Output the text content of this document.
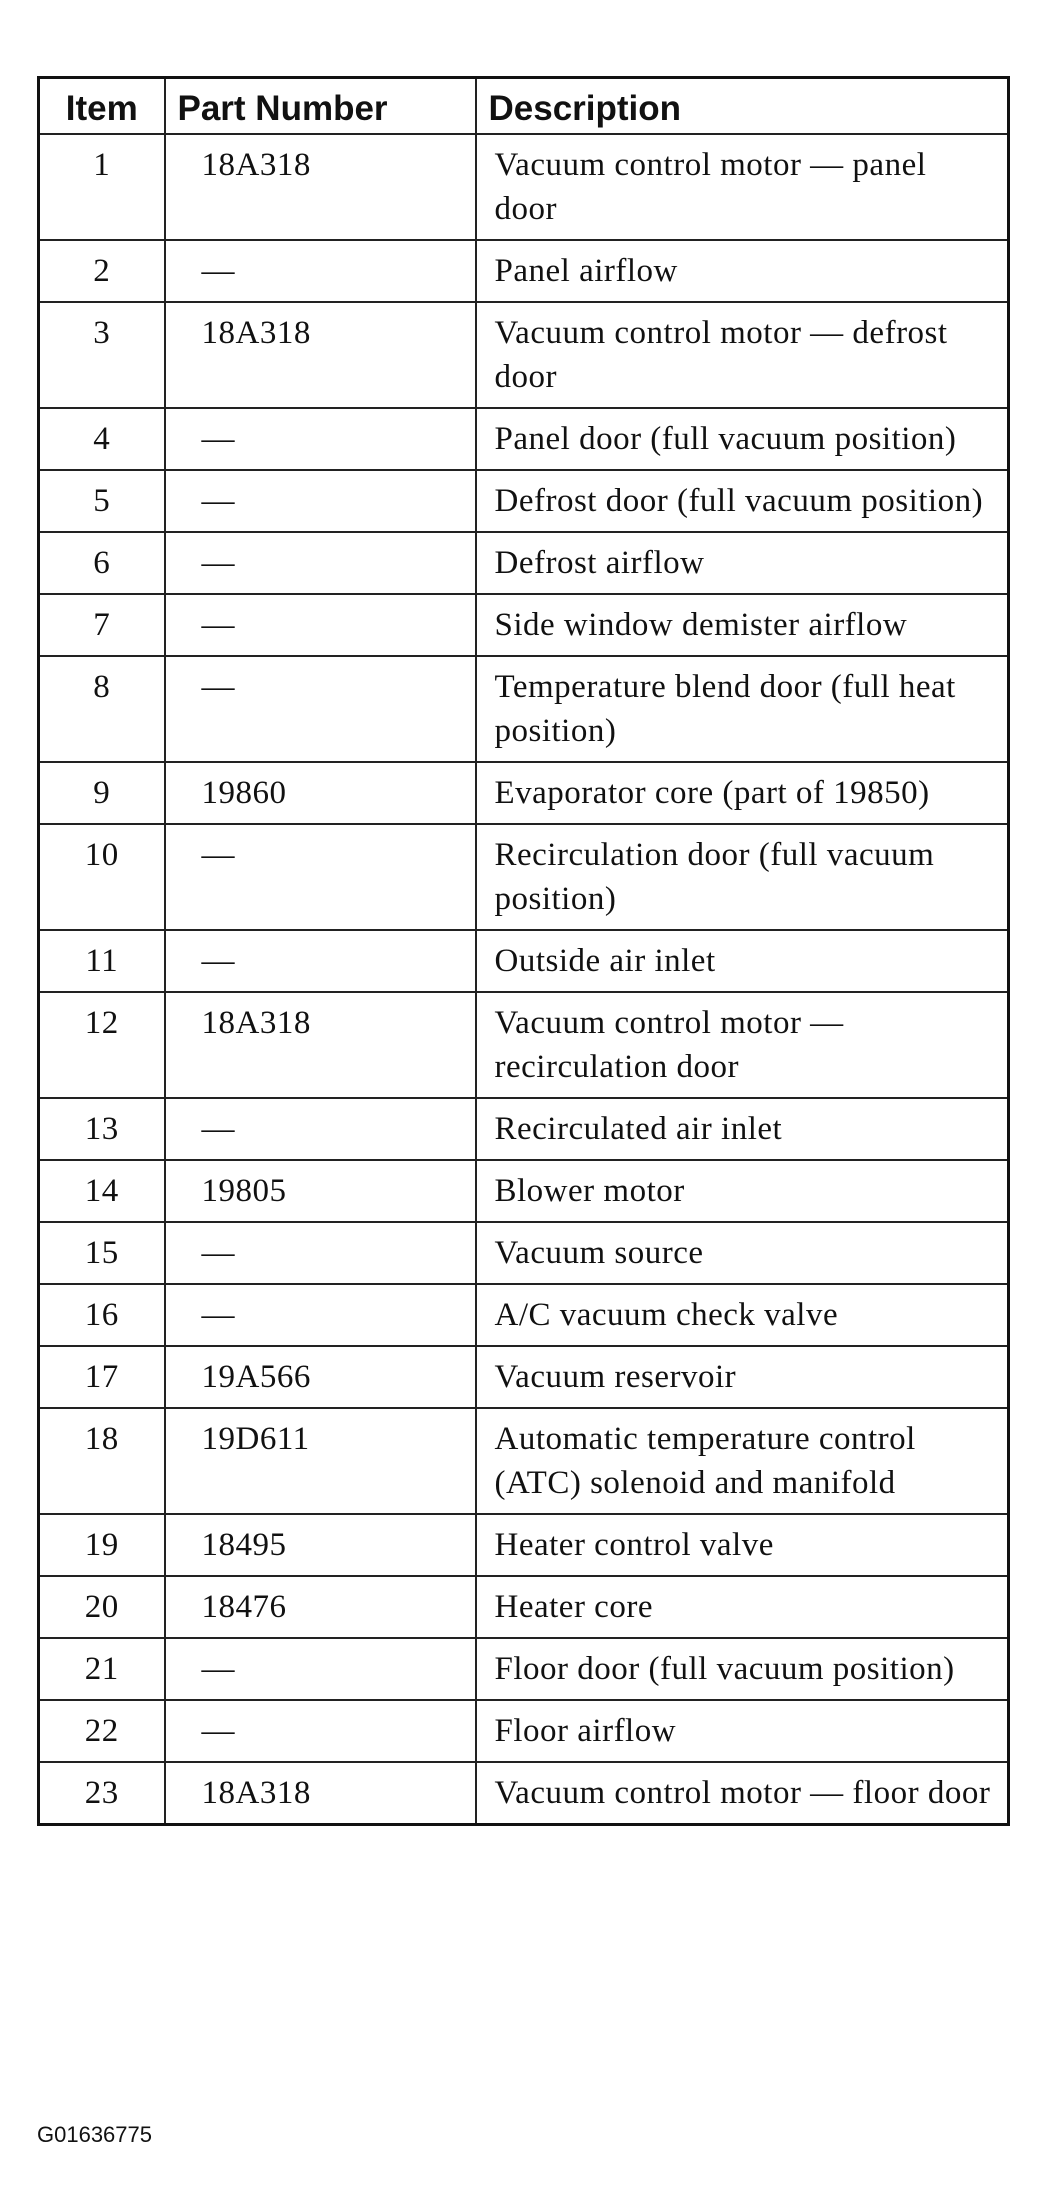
Item	Part Number	Description
1	18A318	Vacuum control motor — panel door
2	—	Panel airflow
3	18A318	Vacuum control motor — defrost door
4	—	Panel door (full vacuum position)
5	—	Defrost door (full vacuum position)
6	—	Defrost airflow
7	—	Side window demister airflow
8	—	Temperature blend door (full heat position)
9	19860	Evaporator core (part of 19850)
10	—	Recirculation door (full vacuum position)
11	—	Outside air inlet
12	18A318	Vacuum control motor — recirculation door
13	—	Recirculated air inlet
14	19805	Blower motor
15	—	Vacuum source
16	—	A/C vacuum check valve
17	19A566	Vacuum reservoir
18	19D611	Automatic temperature control (ATC) solenoid and manifold
19	18495	Heater control valve
20	18476	Heater core
21	—	Floor door (full vacuum position)
22	—	Floor airflow
23	18A318	Vacuum control motor — floor door
G01636775
